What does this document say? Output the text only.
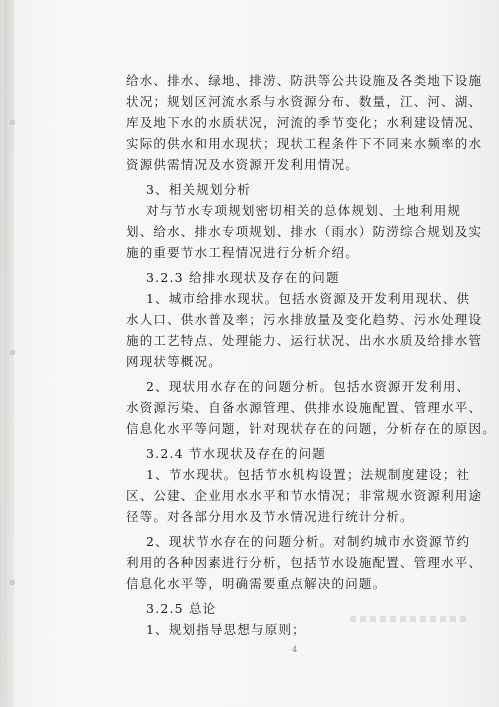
给水、排水、绿地、排涝、防洪等公共设施及各类地下设施

状况；规划区河流水系与水资源分布、数量，江、河、湖、

库及地下水的水质状况，河流的季节变化；水利建设情况、

实际的供水和用水现状；现状工程条件下不同来水频率的水

资源供需情况及水资源开发利用情况。

3、相关规划分析

对与节水专项规划密切相关的总体规划、土地利用规

划、给水、排水专项规划、排水（雨水）防涝综合规划及实

施的重要节水工程情况进行分析介绍。

3.2.3 给排水现状及存在的问题

1、城市给排水现状。包括水资源及开发利用现状、供

水人口、供水普及率；污水排放量及变化趋势、污水处理设

施的工艺特点、处理能力、运行状况、出水水质及给排水管

网现状等概况。

2、现状用水存在的问题分析。包括水资源开发利用、

水资源污染、自备水源管理、供排水设施配置、管理水平、

信息化水平等问题，针对现状存在的问题，分析存在的原因。

3.2.4 节水现状及存在的问题

1、节水现状。包括节水机构设置；法规制度建设；社

区、公建、企业用水水平和节水情况；非常规水资源利用途

径等。对各部分用水及节水情况进行统计分析。

2、现状节水存在的问题分析。对制约城市水资源节约

利用的各种因素进行分析，包括节水设施配置、管理水平、

信息化水平等，明确需要重点解决的问题。

3.2.5 总论

1、规划指导思想与原则；

4
